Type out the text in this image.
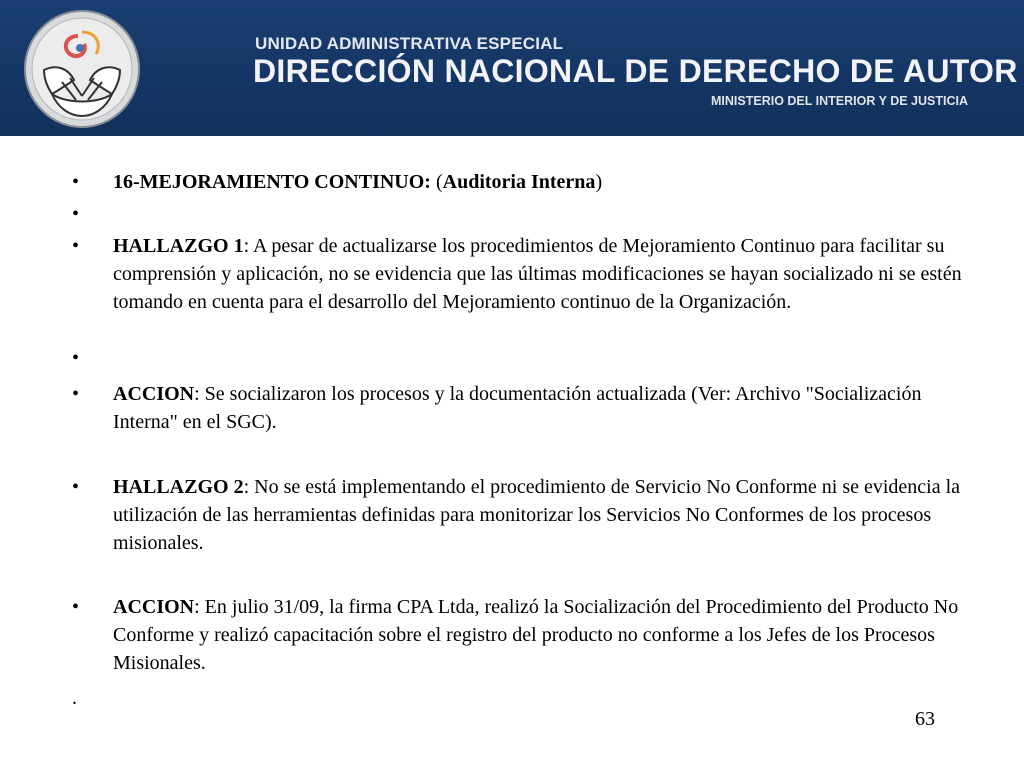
UNIDAD ADMINISTRATIVA ESPECIAL
DIRECCIÓN NACIONAL DE DERECHO DE AUTOR
MINISTERIO DEL INTERIOR Y DE JUSTICIA
• 16-MEJORAMIENTO CONTINUO: (Auditoria Interna)
•
• HALLAZGO 1: A pesar de actualizarse los procedimientos de Mejoramiento Continuo para facilitar su comprensión y aplicación, no se evidencia que las últimas modificaciones se hayan socializado ni se estén tomando en cuenta para el desarrollo del Mejoramiento continuo de la Organización.
•
• ACCION: Se socializaron los procesos y la documentación actualizada (Ver: Archivo "Socialización Interna" en el SGC).
• HALLAZGO 2: No se está implementando el procedimiento de Servicio No Conforme ni se evidencia la utilización de las herramientas definidas para monitorizar los Servicios No Conformes de los procesos misionales.
• ACCION: En julio 31/09, la firma CPA Ltda, realizó la Socialización del Procedimiento del Producto No Conforme y realizó capacitación sobre el registro del producto no conforme a los Jefes de los Procesos Misionales.
.
63
